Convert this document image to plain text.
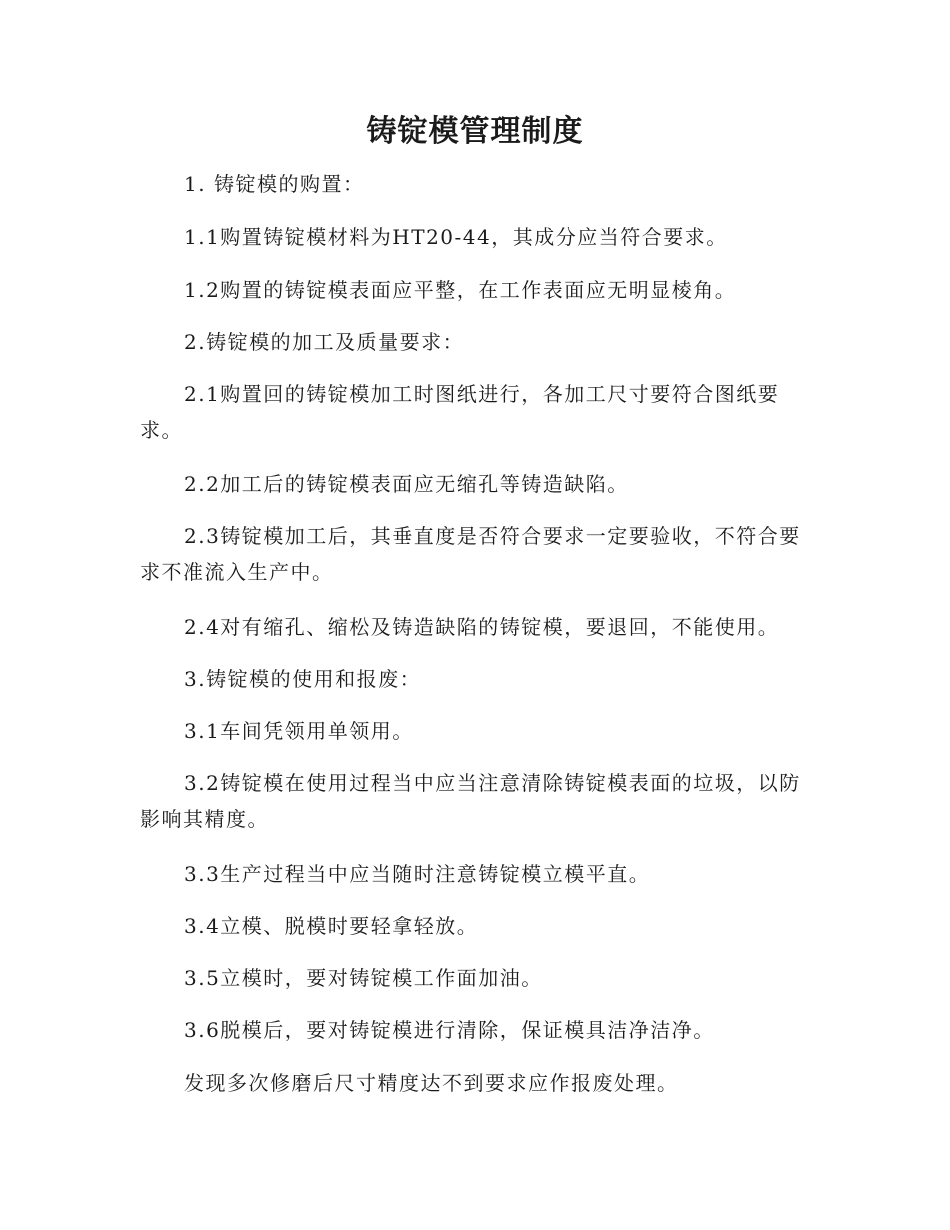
铸锭模管理制度

1. 铸锭模的购置：

1.1购置铸锭模材料为HT20-44，其成分应当符合要求。

1.2购置的铸锭模表面应平整，在工作表面应无明显棱角。

2.铸锭模的加工及质量要求：

2.1购置回的铸锭模加工时图纸进行，各加工尺寸要符合图纸要求。

2.2加工后的铸锭模表面应无缩孔等铸造缺陷。

2.3铸锭模加工后，其垂直度是否符合要求一定要验收，不符合要求不准流入生产中。

2.4对有缩孔、缩松及铸造缺陷的铸锭模，要退回，不能使用。

3.铸锭模的使用和报废：

3.1车间凭领用单领用。

3.2铸锭模在使用过程当中应当注意清除铸锭模表面的垃圾，以防影响其精度。

3.3生产过程当中应当随时注意铸锭模立模平直。

3.4立模、脱模时要轻拿轻放。

3.5立模时，要对铸锭模工作面加油。

3.6脱模后，要对铸锭模进行清除，保证模具洁净洁净。

发现多次修磨后尺寸精度达不到要求应作报废处理。
